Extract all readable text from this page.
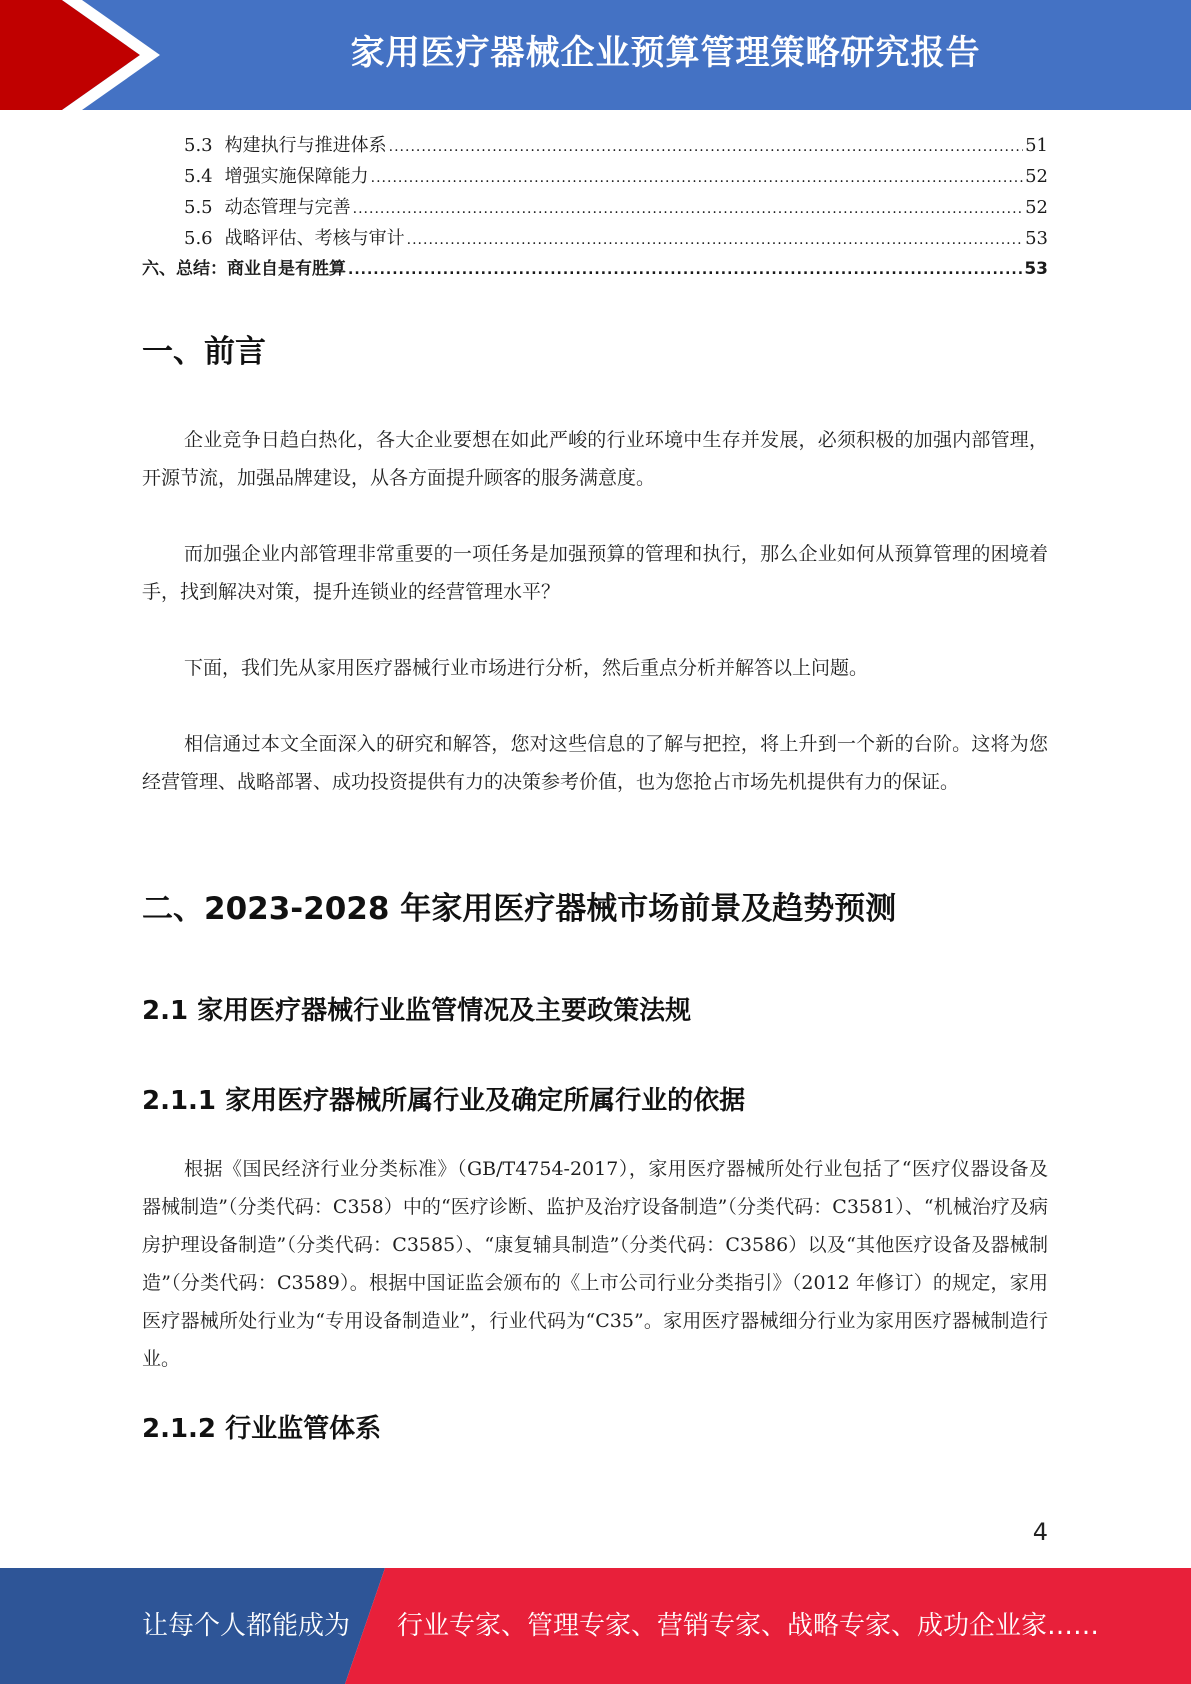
家用医疗器械企业预算管理策略研究报告
5.3 构建执行与推进体系 .....	51
5.4 增强实施保障能力 .....	52
5.5 动态管理与完善 .....	52
5.6 战略评估、考核与审计 .....	53
六、总结：商业自是有胜算 .....	53
一、前言

企业竞争日趋白热化，各大企业要想在如此严峻的行业环境中生存并发展，必须积极的加强内部管理，开源节流，加强品牌建设，从各方面提升顾客的服务满意度。

而加强企业内部管理非常重要的一项任务是加强预算的管理和执行，那么企业如何从预算管理的困境着手，找到解决对策，提升连锁业的经营管理水平？

下面，我们先从家用医疗器械行业市场进行分析，然后重点分析并解答以上问题。

相信通过本文全面深入的研究和解答，您对这些信息的了解与把控，将上升到一个新的台阶。这将为您经营管理、战略部署、成功投资提供有力的决策参考价值，也为您抢占市场先机提供有力的保证。

二、2023-2028 年家用医疗器械市场前景及趋势预测
2.1 家用医疗器械行业监管情况及主要政策法规
2.1.1 家用医疗器械所属行业及确定所属行业的依据

根据《国民经济行业分类标准》（GB/T4754-2017），家用医疗器械所处行业包括了“医疗仪器设备及器械制造”（分类代码：C358）中的“医疗诊断、监护及治疗设备制造”（分类代码：C3581）、“机械治疗及病房护理设备制造”（分类代码：C3585）、“康复辅具制造”（分类代码：C3586）以及“其他医疗设备及器械制造”（分类代码：C3589）。根据中国证监会颁布的《上市公司行业分类指引》（2012 年修订）的规定，家用医疗器械所处行业为“专用设备制造业”，行业代码为“C35”。家用医疗器械细分行业为家用医疗器械制造行业。

2.1.2 行业监管体系
4
让每个人都能成为 行业专家、管理专家、营销专家、战略专家、成功企业家……
